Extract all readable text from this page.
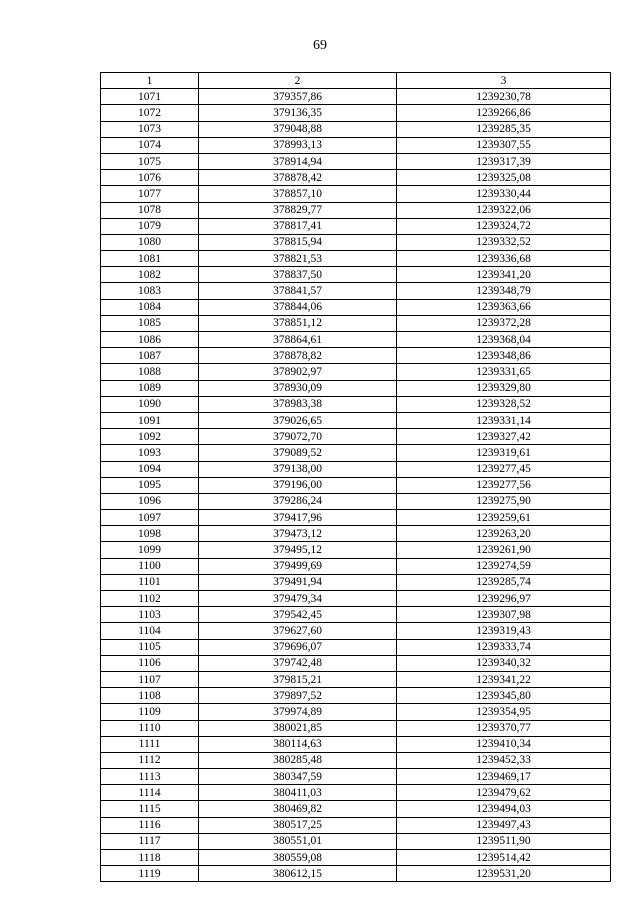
69
1	2	3
1071	379357,86	1239230,78
1072	379136,35	1239266,86
1073	379048,88	1239285,35
1074	378993,13	1239307,55
1075	378914,94	1239317,39
1076	378878,42	1239325,08
1077	378857,10	1239330,44
1078	378829,77	1239322,06
1079	378817,41	1239324,72
1080	378815,94	1239332,52
1081	378821,53	1239336,68
1082	378837,50	1239341,20
1083	378841,57	1239348,79
1084	378844,06	1239363,66
1085	378851,12	1239372,28
1086	378864,61	1239368,04
1087	378878,82	1239348,86
1088	378902,97	1239331,65
1089	378930,09	1239329,80
1090	378983,38	1239328,52
1091	379026,65	1239331,14
1092	379072,70	1239327,42
1093	379089,52	1239319,61
1094	379138,00	1239277,45
1095	379196,00	1239277,56
1096	379286,24	1239275,90
1097	379417,96	1239259,61
1098	379473,12	1239263,20
1099	379495,12	1239261,90
1100	379499,69	1239274,59
1101	379491,94	1239285,74
1102	379479,34	1239296,97
1103	379542,45	1239307,98
1104	379627,60	1239319,43
1105	379696,07	1239333,74
1106	379742,48	1239340,32
1107	379815,21	1239341,22
1108	379897,52	1239345,80
1109	379974,89	1239354,95
1110	380021,85	1239370,77
1111	380114,63	1239410,34
1112	380285,48	1239452,33
1113	380347,59	1239469,17
1114	380411,03	1239479,62
1115	380469,82	1239494,03
1116	380517,25	1239497,43
1117	380551,01	1239511,90
1118	380559,08	1239514,42
1119	380612,15	1239531,20
